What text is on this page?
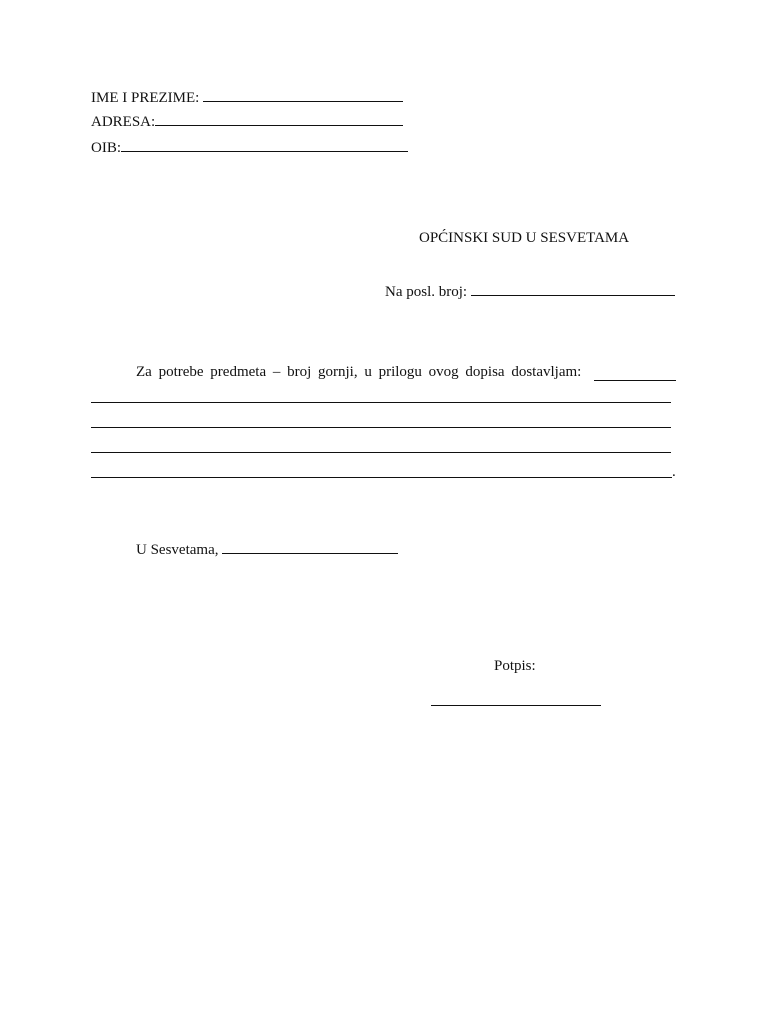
IME I PREZIME:
ADRESA:
OIB:
OPĆINSKI SUD U SESVETAMA
Na posl. broj:
Za potrebe predmeta – broj gornji, u prilogu ovog dopisa dostavljam:
.
U Sesvetama,
Potpis:
